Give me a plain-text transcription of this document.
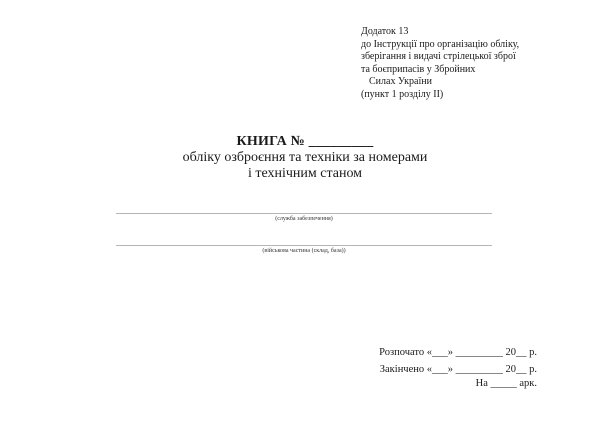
Додаток 13
до Інструкції про організацію обліку,
зберігання і видачі стрілецької зброї
та боєприпасів у Збройних
Силах України
(пункт 1 розділу II)
КНИГА № _________
обліку озброєння та техніки за номерами
і технічним станом
(служба забезпечення)
(військова частина (склад, база))
Розпочато «___» _________ 20__ р.
Закінчено «___» _________ 20__ р.
На _____ арк.
